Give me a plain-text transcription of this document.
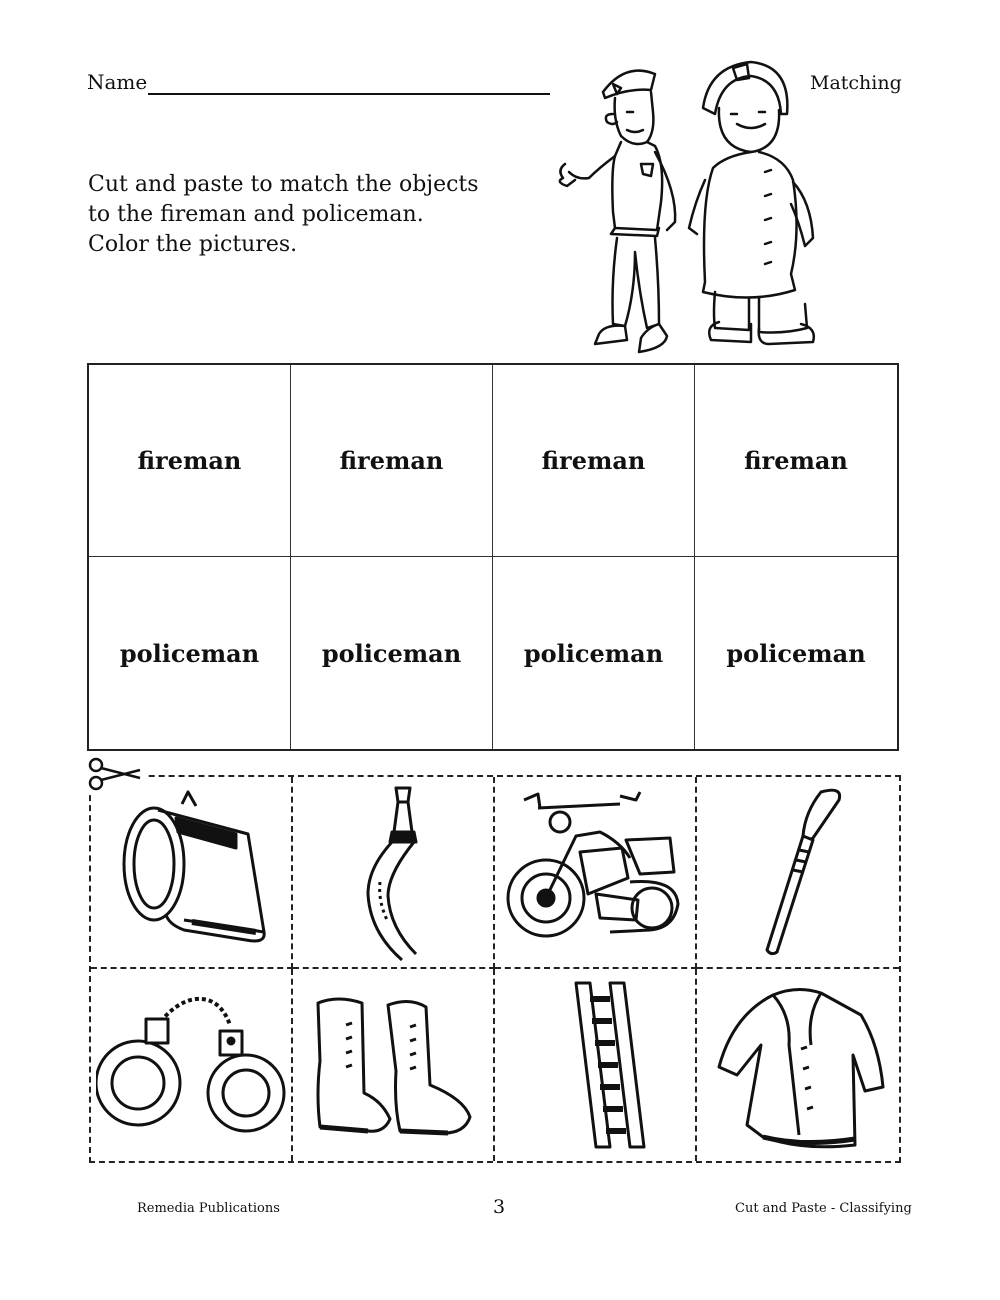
Name	Matching
Cut and paste to match the objects
to the fireman and policeman.
Color the pictures.
fireman	fireman	fireman	fireman
policeman	policeman	policeman	policeman
Remedia Publications	3	Cut and Paste - Classifying
